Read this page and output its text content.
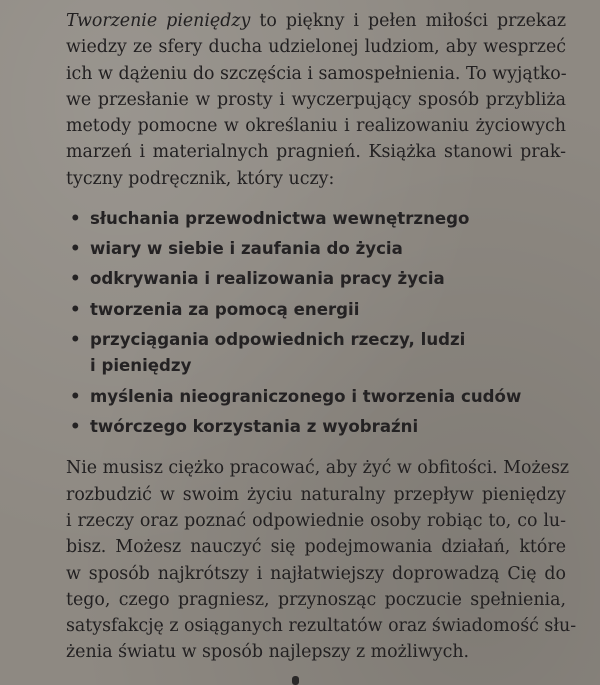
Tworzenie pieniędzy to piękny i pełen miłości przekaz
wiedzy ze sfery ducha udzielonej ludziom, aby wesprzeć
ich w dążeniu do szczęścia i samospełnienia. To wyjątko-
we przesłanie w prosty i wyczerpujący sposób przybliża
metody pomocne w określaniu i realizowaniu życiowych
marzeń i materialnych pragnień. Książka stanowi prak-
tyczny podręcznik, który uczy:

• słuchania przewodnictwa wewnętrznego
• wiary w siebie i zaufania do życia
• odkrywania i realizowania pracy życia
• tworzenia za pomocą energii
• przyciągania odpowiednich rzeczy, ludzi
i pieniędzy
• myślenia nieograniczonego i tworzenia cudów
• twórczego korzystania z wyobraźni

Nie musisz ciężko pracować, aby żyć w obfitości. Możesz
rozbudzić w swoim życiu naturalny przepływ pieniędzy
i rzeczy oraz poznać odpowiednie osoby robiąc to, co lu-
bisz. Możesz nauczyć się podejmowania działań, które
w sposób najkrótszy i najłatwiejszy doprowadzą Cię do
tego, czego pragniesz, przynosząc poczucie spełnienia,
satysfakcję z osiąganych rezultatów oraz świadomość słu-
żenia światu w sposób najlepszy z możliwych.
